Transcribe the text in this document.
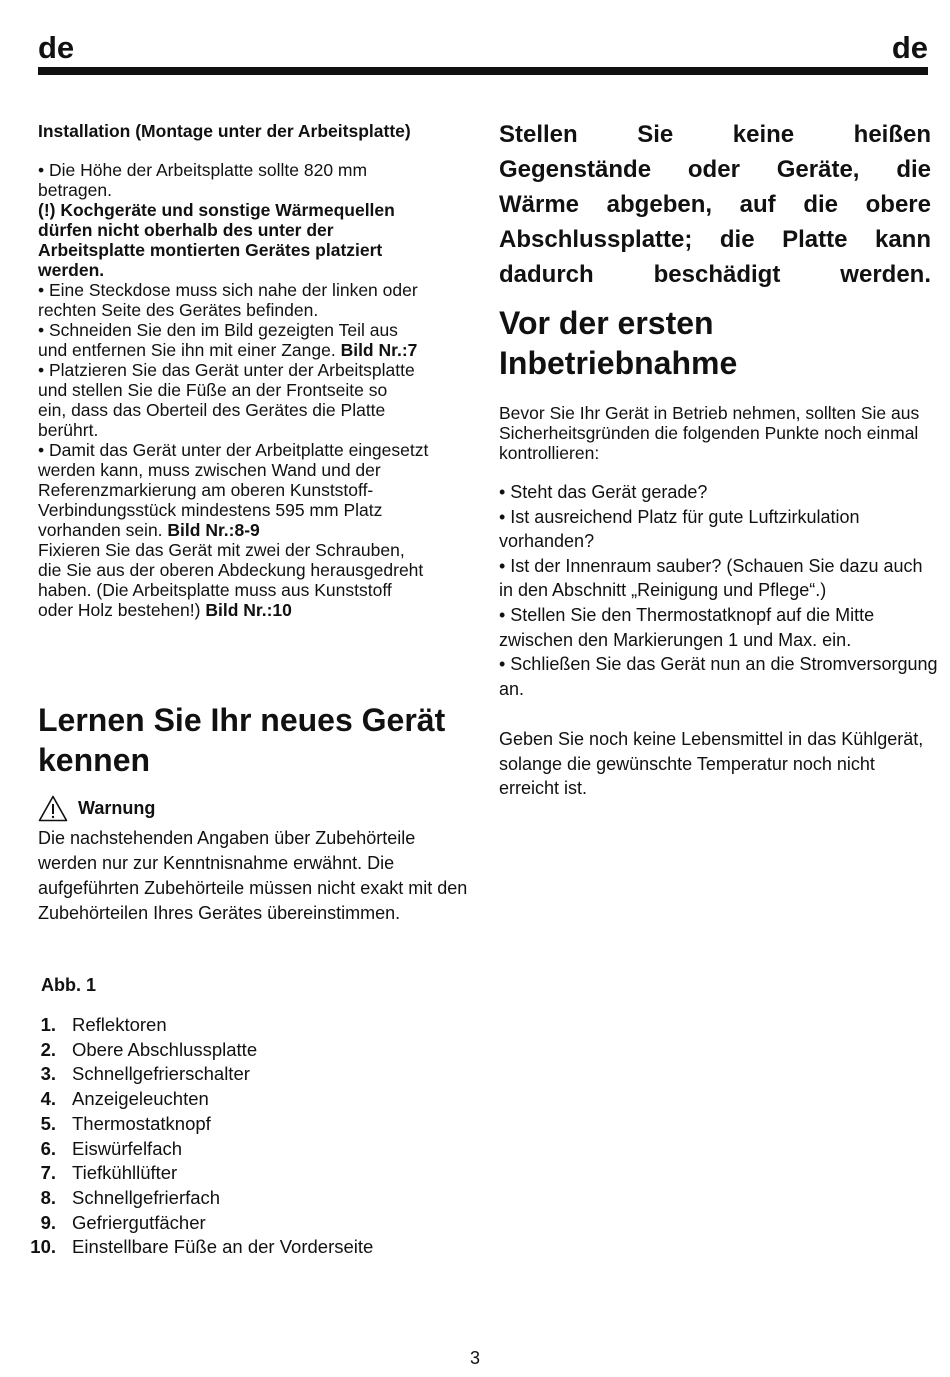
de	de

Installation (Montage unter der Arbeitsplatte)

• Die Höhe der Arbeitsplatte sollte 820 mm

betragen.

(!) Kochgeräte und sonstige Wärmequellen

dürfen nicht oberhalb des unter der

Arbeitsplatte montierten Gerätes platziert

werden.

• Eine Steckdose muss sich nahe der linken oder

rechten Seite des Gerätes befinden.

• Schneiden Sie den im Bild gezeigten Teil aus

und entfernen Sie ihn mit einer Zange. Bild Nr.:7

• Platzieren Sie das Gerät unter der Arbeitsplatte

und stellen Sie die Füße an der Frontseite so

ein, dass das Oberteil des Gerätes die Platte

berührt.

• Damit das Gerät unter der Arbeitplatte eingesetzt

werden kann, muss zwischen Wand und der

Referenzmarkierung am oberen Kunststoff-

Verbindungsstück mindestens 595 mm Platz

vorhanden sein. Bild Nr.:8-9

Fixieren Sie das Gerät mit zwei der Schrauben,

die Sie aus der oberen Abdeckung herausgedreht

haben. (Die Arbeitsplatte muss aus Kunststoff

oder Holz bestehen!) Bild Nr.:10

Lernen Sie Ihr neues Gerät

kennen

Warnung

Die nachstehenden Angaben über Zubehörteile werden nur zur Kenntnisnahme erwähnt. Die aufgeführten Zubehörteile müssen nicht exakt mit den Zubehörteilen Ihres Gerätes übereinstimmen.

Abb. 1
1. Reflektoren
2. Obere Abschlussplatte
3. Schnellgefrierschalter
4. Anzeigeleuchten
5. Thermostatknopf
6. Eiswürfelfach
7. Tiefkühllüfter
8. Schnellgefrierfach
9. Gefriergutfächer
10. Einstellbare Füße an der Vorderseite

Stellen Sie keine heißen
Gegenstände oder Geräte, die
Wärme abgeben, auf die obere
Abschlussplatte; die Platte kann
dadurch beschädigt werden.

Vor der ersten

Inbetriebnahme

Bevor Sie Ihr Gerät in Betrieb nehmen, sollten Sie aus Sicherheitsgründen die folgenden Punkte noch einmal kontrollieren:

• Steht das Gerät gerade?
• Ist ausreichend Platz für gute Luftzirkulation vorhanden?
• Ist der Innenraum sauber? (Schauen Sie dazu auch in den Abschnitt „Reinigung und Pflege“.)
• Stellen Sie den Thermostatknopf auf die Mitte zwischen den Markierungen 1 und Max. ein.
• Schließen Sie das Gerät nun an die Stromversorgung an.

Geben Sie noch keine Lebensmittel in das Kühlgerät, solange die gewünschte Temperatur noch nicht erreicht ist.

3
